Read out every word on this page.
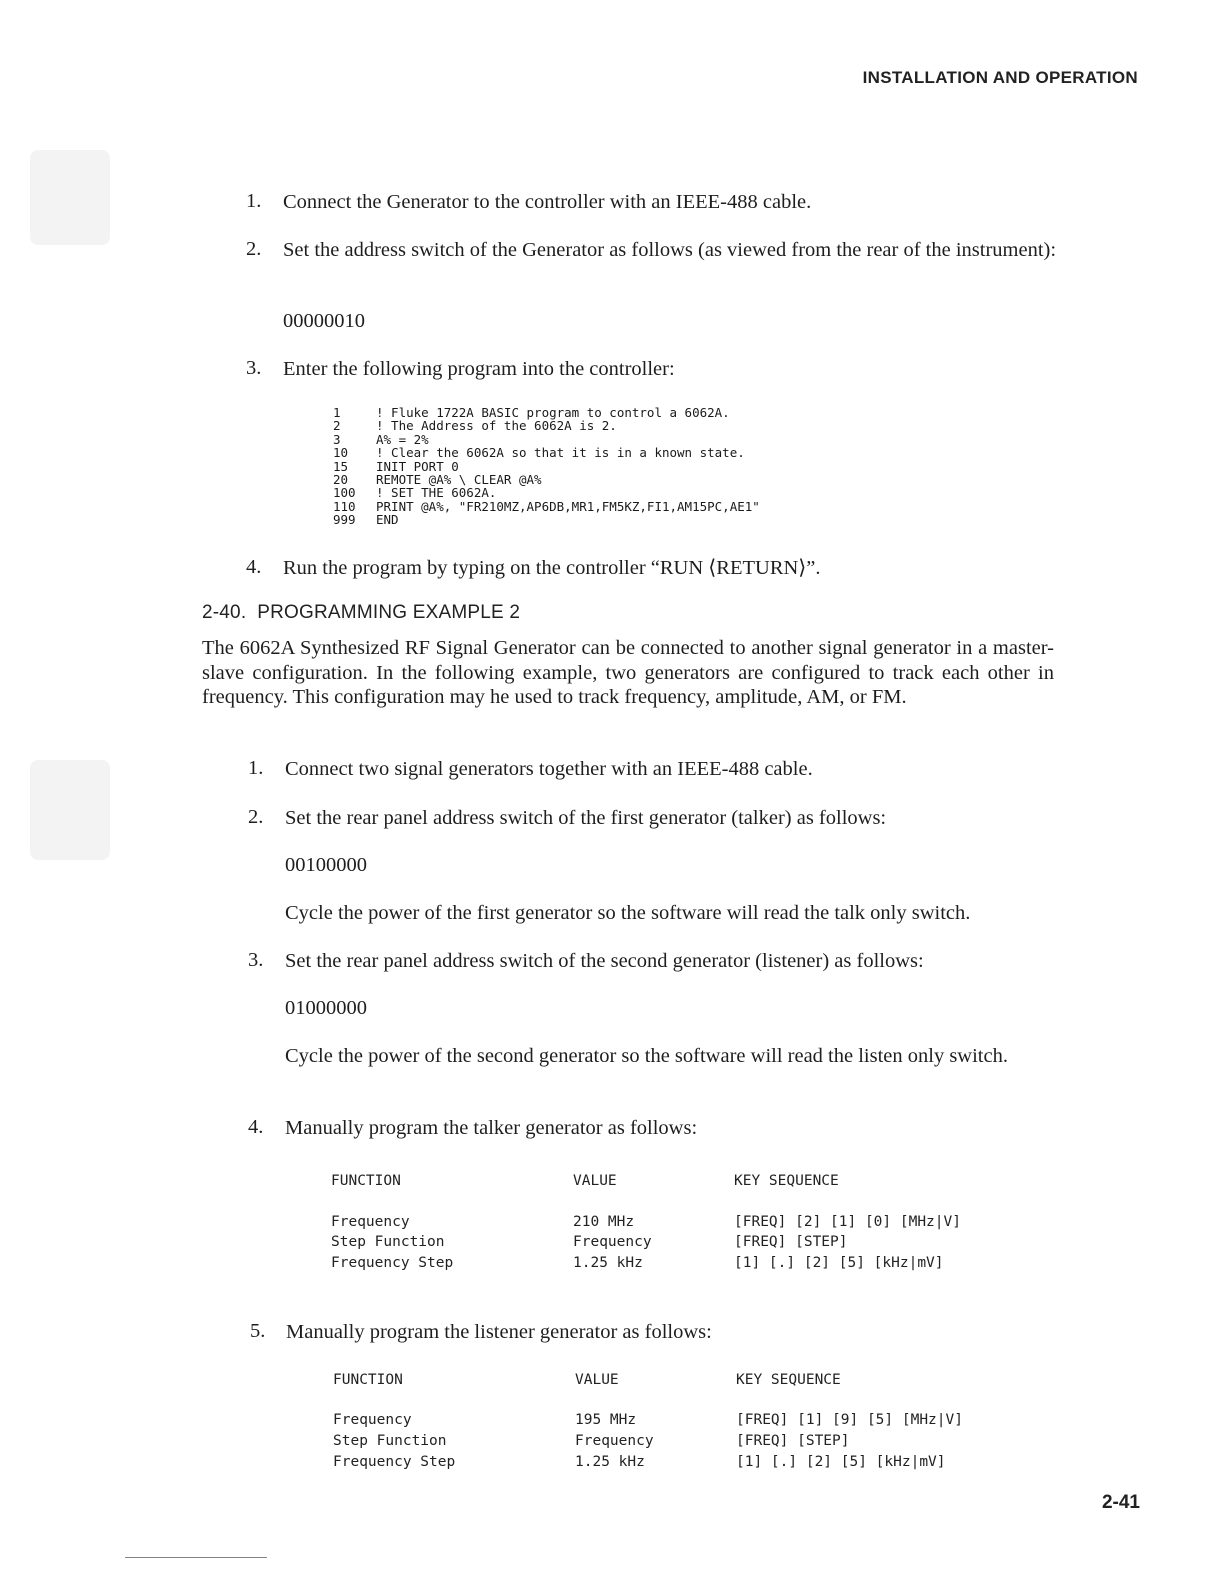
INSTALLATION AND OPERATION
1.	Connect the Generator to the controller with an IEEE-488 cable.
2.	Set the address switch of the Generator as follows (as viewed from the rear of the instrument):
00000010
3.	Enter the following program into the controller:
1	! Fluke 1722A BASIC program to control a 6062A.
2	! The Address of the 6062A is 2.
3	A% = 2%
10 ! Clear the 6062A so that it is in a known state.
15 INIT PORT 0
20 REMOTE @A% \ CLEAR @A%
100 ! SET THE 6062A.
110 PRINT @A%, "FR210MZ,AP6DB,MR1,FM5KZ,FI1,AM15PC,AE1"
999 END
4.	Run the program by typing on the controller “RUN ⟨RETURN⟩”.
2-40.  PROGRAMMING EXAMPLE 2
The 6062A Synthesized RF Signal Generator can be connected to another signal generator in a master-slave configuration. In the following example, two generators are configured to track each other in frequency. This configuration may he used to track frequency, amplitude, AM, or FM.
1.	Connect two signal generators together with an IEEE-488 cable.
2.	Set the rear panel address switch of the first generator (talker) as follows:
00100000
Cycle the power of the first generator so the software will read the talk only switch.
3.	Set the rear panel address switch of the second generator (listener) as follows:
01000000
Cycle the power of the second generator so the software will read the listen only switch.
4.	Manually program the talker generator as follows:
FUNCTION	VALUE	KEY SEQUENCE
Frequency	210 MHz	[FREQ] [2] [1] [0] [MHz|V]
Step Function	Frequency	[FREQ] [STEP]
Frequency Step	1.25 kHz	[1] [.] [2] [5] [kHz|mV]
5.	Manually program the listener generator as follows:
FUNCTION	VALUE	KEY SEQUENCE
Frequency	195 MHz	[FREQ] [1] [9] [5] [MHz|V]
Step Function	Frequency	[FREQ] [STEP]
Frequency Step	1.25 kHz	[1] [.] [2] [5] [kHz|mV]
2-41
